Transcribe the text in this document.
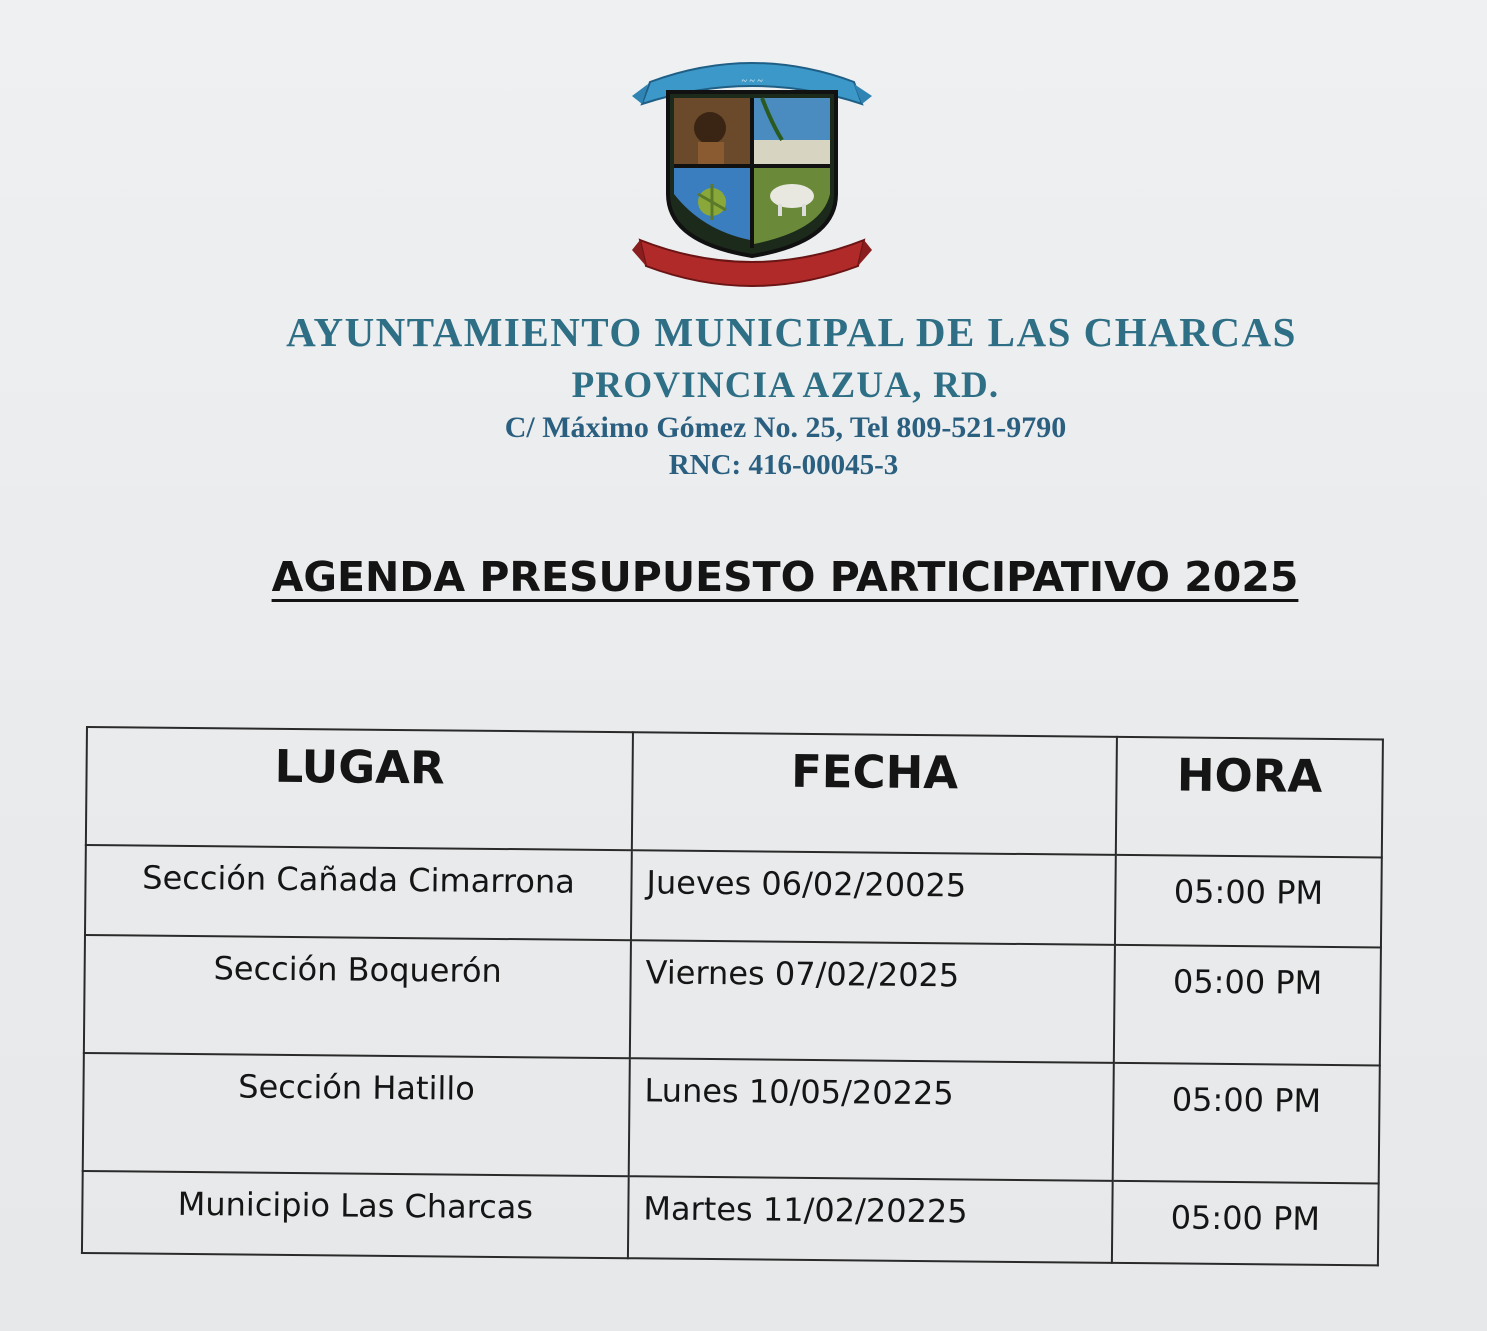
~ ~ ~
AYUNTAMIENTO MUNICIPAL DE LAS CHARCAS
PROVINCIA AZUA, RD.
C/ Máximo Gómez No. 25, Tel 809-521-9790
RNC: 416-00045-3
AGENDA PRESUPUESTO PARTICIPATIVO 2025
LUGAR	FECHA	HORA
Sección Cañada Cimarrona	Jueves 06/02/20025	05:00 PM
Sección Boquerón	Viernes 07/02/2025	05:00 PM
Sección Hatillo	Lunes 10/05/20225	05:00 PM
Municipio Las Charcas	Martes 11/02/20225	05:00 PM
